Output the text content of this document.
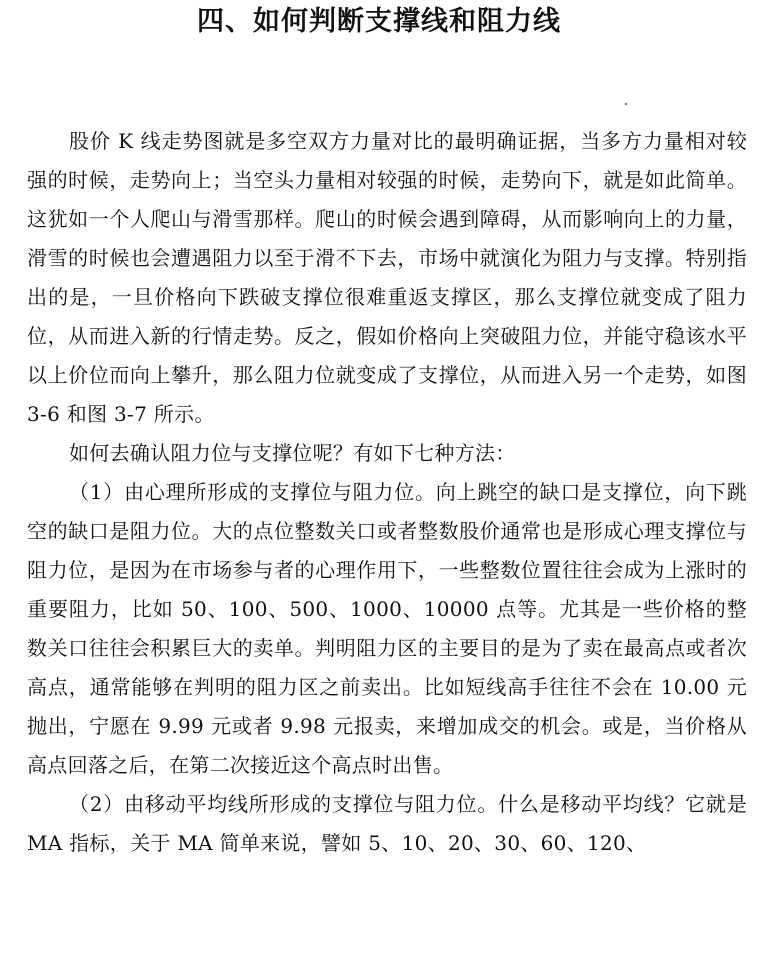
四、如何判断支撑线和阻力线

股价 K 线走势图就是多空双方力量对比的最明确证据，当多方力量相对较强的时候，走势向上；当空头力量相对较强的时候，走势向下，就是如此简单。这犹如一个人爬山与滑雪那样。爬山的时候会遇到障碍，从而影响向上的力量，滑雪的时候也会遭遇阻力以至于滑不下去，市场中就演化为阻力与支撑。特别指出的是，一旦价格向下跌破支撑位很难重返支撑区，那么支撑位就变成了阻力位，从而进入新的行情走势。反之，假如价格向上突破阻力位，并能守稳该水平以上价位而向上攀升，那么阻力位就变成了支撑位，从而进入另一个走势，如图 3-6 和图 3-7 所示。

如何去确认阻力位与支撑位呢？有如下七种方法：

（1）由心理所形成的支撑位与阻力位。向上跳空的缺口是支撑位，向下跳空的缺口是阻力位。大的点位整数关口或者整数股价通常也是形成心理支撑位与阻力位，是因为在市场参与者的心理作用下，一些整数位置往往会成为上涨时的重要阻力，比如 50、100、500、1000、10000 点等。尤其是一些价格的整数关口往往会积累巨大的卖单。判明阻力区的主要目的是为了卖在最高点或者次高点，通常能够在判明的阻力区之前卖出。比如短线高手往往不会在 10.00 元抛出，宁愿在 9.99 元或者 9.98 元报卖，来增加成交的机会。或是，当价格从高点回落之后，在第二次接近这个高点时出售。

（2）由移动平均线所形成的支撑位与阻力位。什么是移动平均线？它就是 MA 指标，关于 MA 简单来说，譬如 5、10、20、30、60、120、
